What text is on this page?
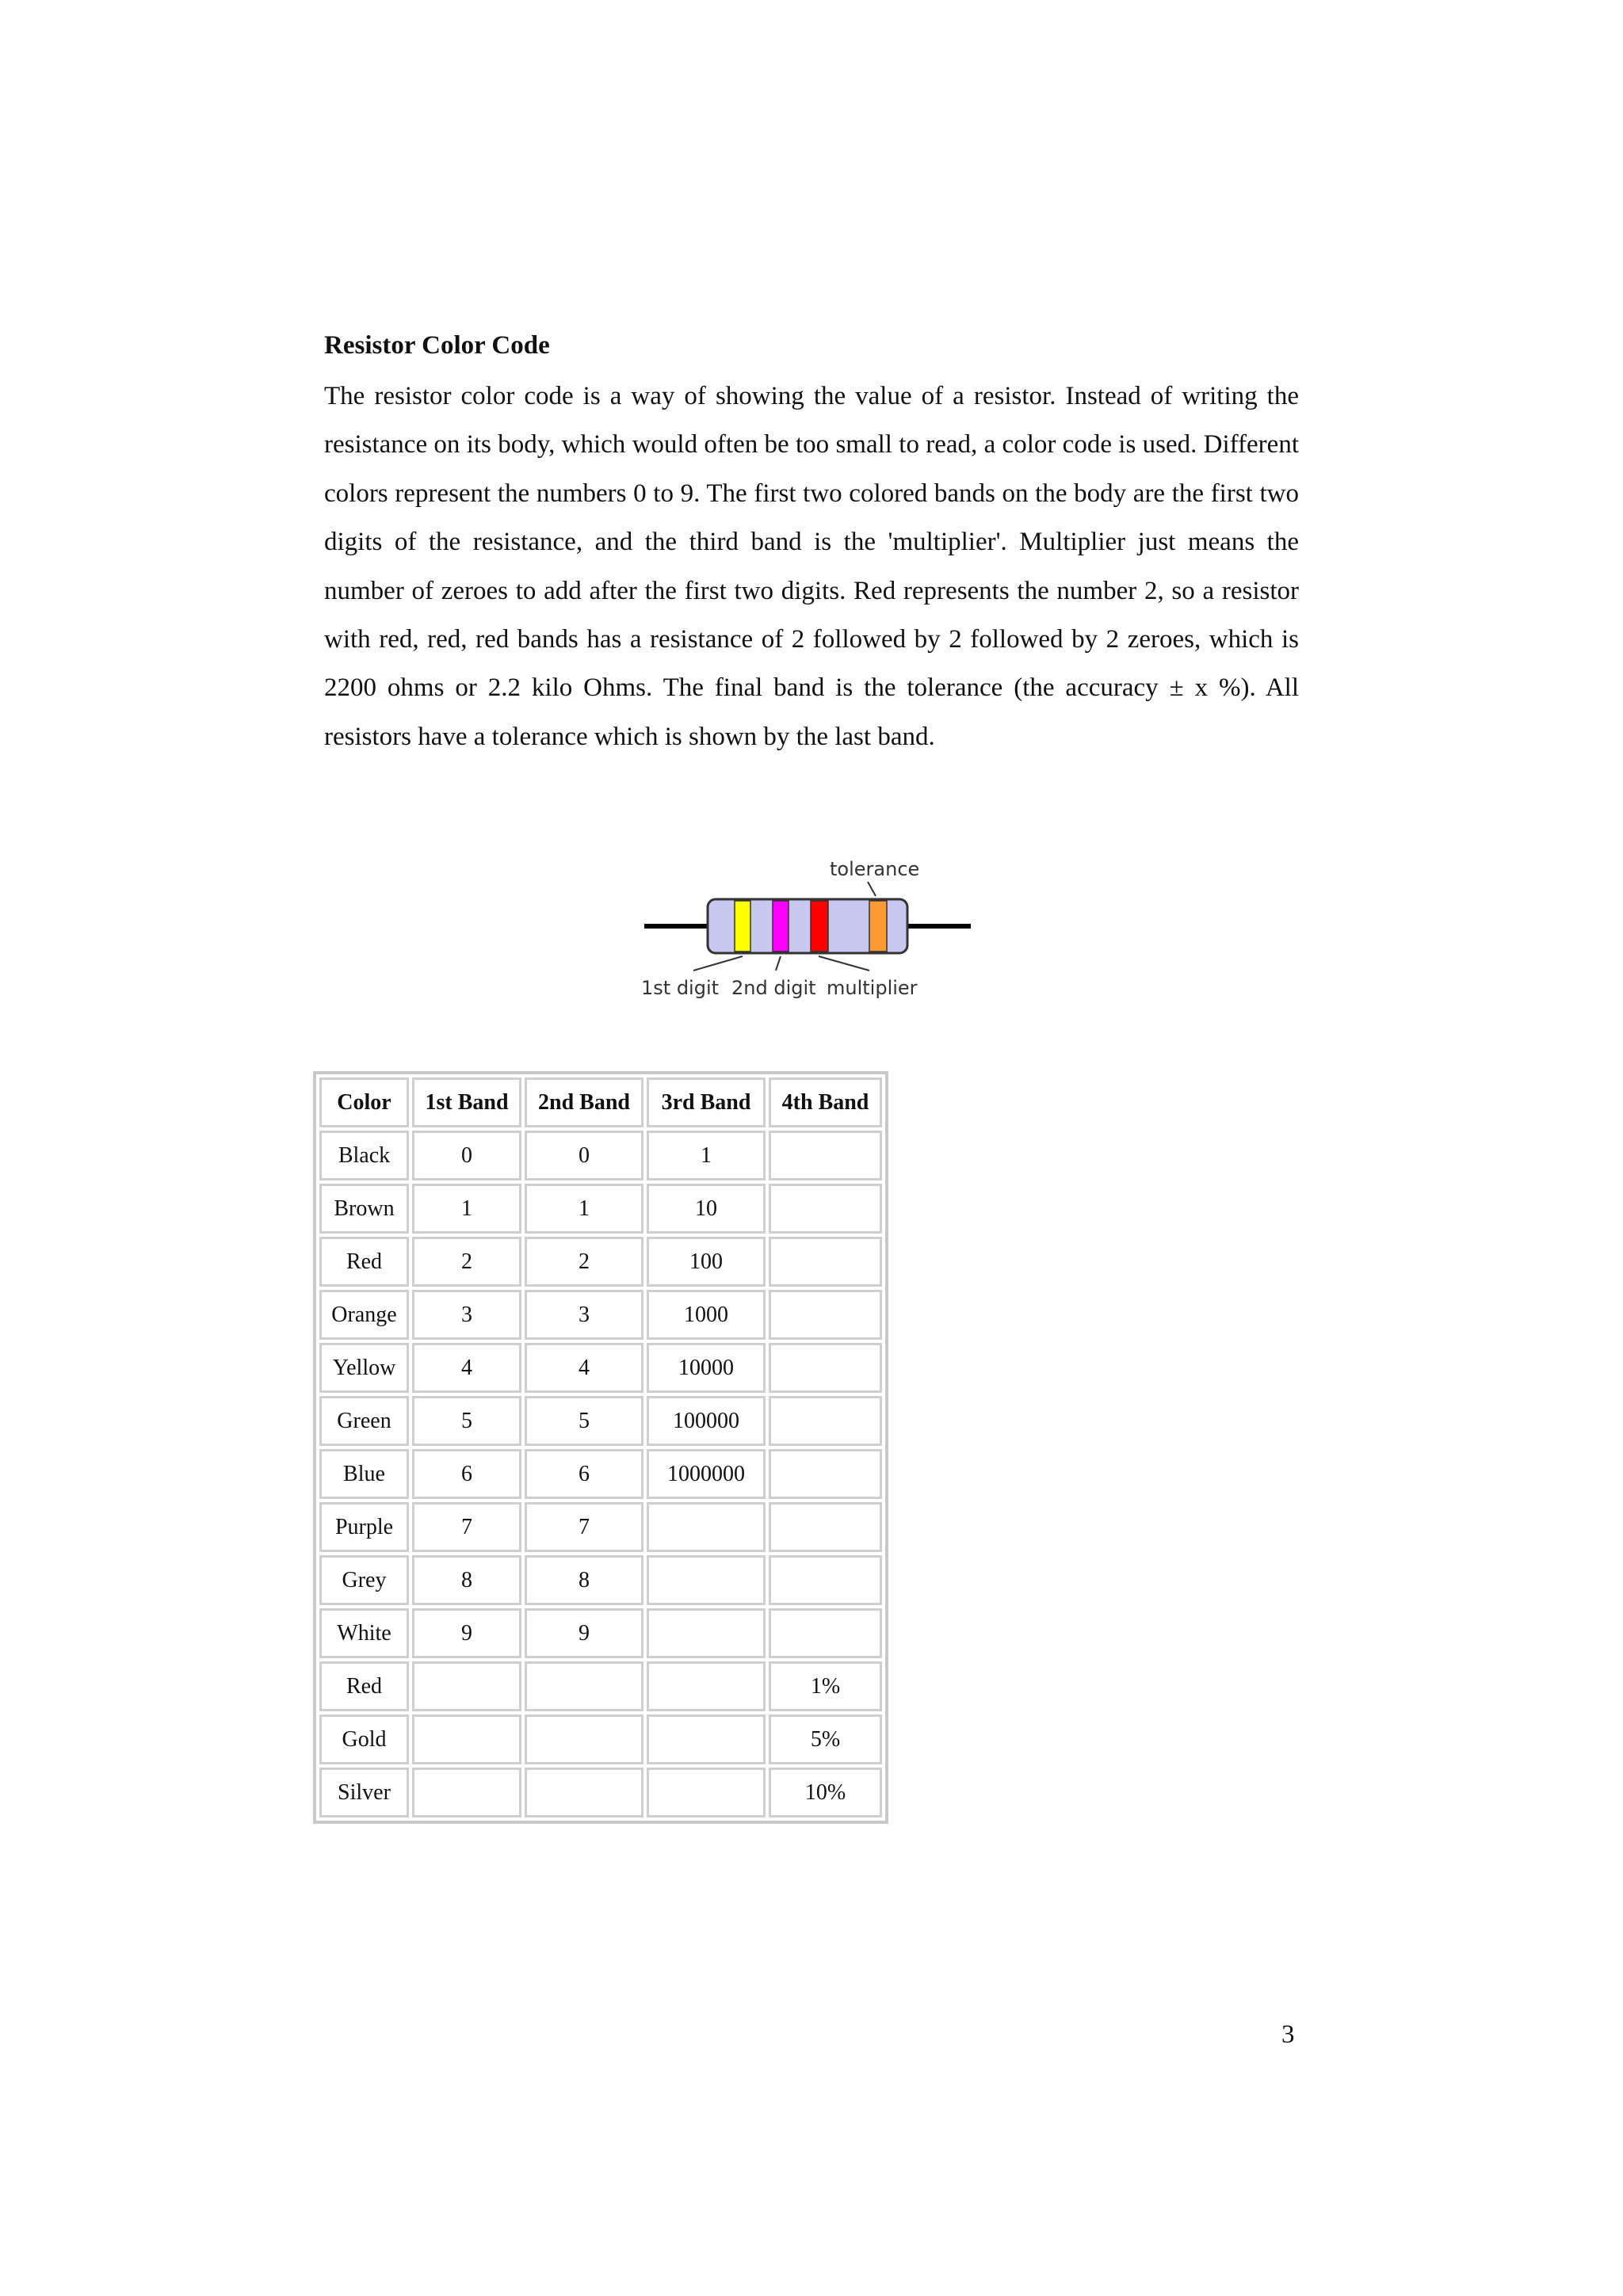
Resistor Color Code

The resistor color code is a way of showing the value of a resistor. Instead of writing the resistance on its body, which would often be too small to read, a color code is used. Different colors represent the numbers 0 to 9. The first two colored bands on the body are the first two digits of the resistance, and the third band is the 'multiplier'. Multiplier just means the number of zeroes to add after the first two digits. Red represents the number 2, so a resistor with red, red, red bands has a resistance of 2 followed by 2 followed by 2 zeroes, which is 2200 ohms or 2.2 kilo Ohms. The final band is the tolerance (the accuracy ± x %). All resistors have a tolerance which is shown by the last band.

tolerance
1st digit 2nd digit multiplier
Color	1st Band	2nd Band	3rd Band	4th Band
Black	0	0	1	
Brown	1	1	10	
Red	2	2	100	
Orange	3	3	1000	
Yellow	4	4	10000	
Green	5	5	100000	
Blue	6	6	1000000	
Purple	7	7		
Grey	8	8		
White	9	9		
Red				1%
Gold				5%
Silver				10%
3
